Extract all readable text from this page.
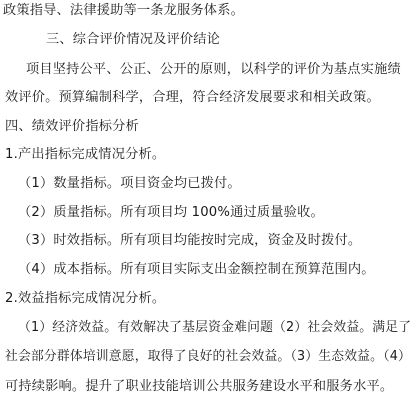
政策指导、法律援助等一条龙服务体系。
三、综合评价情况及评价结论
项目坚持公平、公正、公开的原则，以科学的评价为基点实施绩
效评价。预算编制科学，合理，符合经济发展要求和相关政策。
四、绩效评价指标分析
1.产出指标完成情况分析。
（1）数量指标。项目资金均已拨付。
（2）质量指标。所有项目均 100%通过质量验收。
（3）时效指标。所有项目均能按时完成，资金及时拨付。
（4）成本指标。所有项目实际支出金额控制在预算范围内。
2.效益指标完成情况分析。
（1）经济效益。有效解决了基层资金难问题（2）社会效益。满足了
社会部分群体培训意愿，取得了良好的社会效益。（3）生态效益。（4）
可持续影响。提升了职业技能培训公共服务建设水平和服务水平。
